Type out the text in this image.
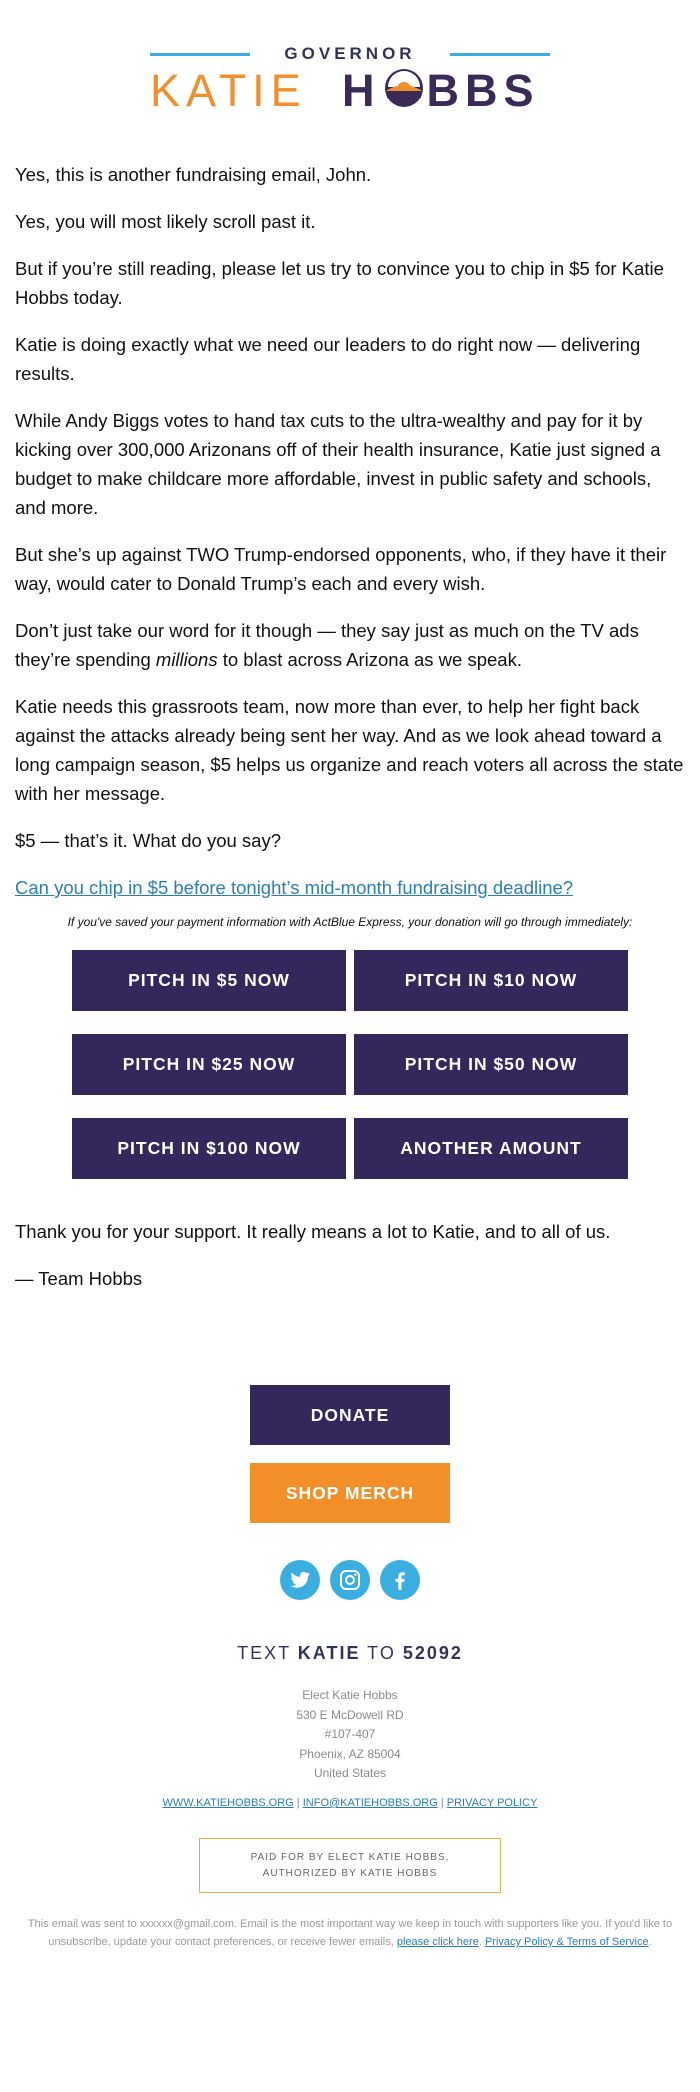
GOVERNOR
KATIE H BBS

Yes, this is another fundraising email, John.

Yes, you will most likely scroll past it.

But if you’re still reading, please let us try to convince you to chip in $5 for Katie Hobbs today.

Katie is doing exactly what we need our leaders to do right now — delivering results.

While Andy Biggs votes to hand tax cuts to the ultra-wealthy and pay for it by kicking over 300,000 Arizonans off of their health insurance, Katie just signed a budget to make childcare more affordable, invest in public safety and schools, and more.

But she’s up against TWO Trump-endorsed opponents, who, if they have it their way, would cater to Donald Trump’s each and every wish.

Don’t just take our word for it though — they say just as much on the TV ads they’re spending millions to blast across Arizona as we speak.

Katie needs this grassroots team, now more than ever, to help her fight back against the attacks already being sent her way. And as we look ahead toward a long campaign season, $5 helps us organize and reach voters all across the state with her message.

$5 — that’s it. What do you say?

Can you chip in $5 before tonight’s mid-month fundraising deadline?

If you've saved your payment information with ActBlue Express, your donation will go through immediately:
PITCH IN $5 NOW	PITCH IN $10 NOW
PITCH IN $25 NOW	PITCH IN $50 NOW
PITCH IN $100 NOW	ANOTHER AMOUNT

Thank you for your support. It really means a lot to Katie, and to all of us.

— Team Hobbs

DONATE
SHOP MERCH
TEXT KATIE TO 52092
Elect Katie Hobbs
530 E McDowell RD
#107-407
Phoenix, AZ 85004
United States
WWW.KATIEHOBBS.ORG | INFO@KATIEHOBBS.ORG | PRIVACY POLICY
PAID FOR BY ELECT KATIE HOBBS,
AUTHORIZED BY KATIE HOBBS
This email was sent to xxxxxx@gmail.com. Email is the most important way we keep in touch with supporters like you. If you'd like to unsubscribe, update your contact preferences, or receive fewer emails, please click here. Privacy Policy & Terms of Service.
